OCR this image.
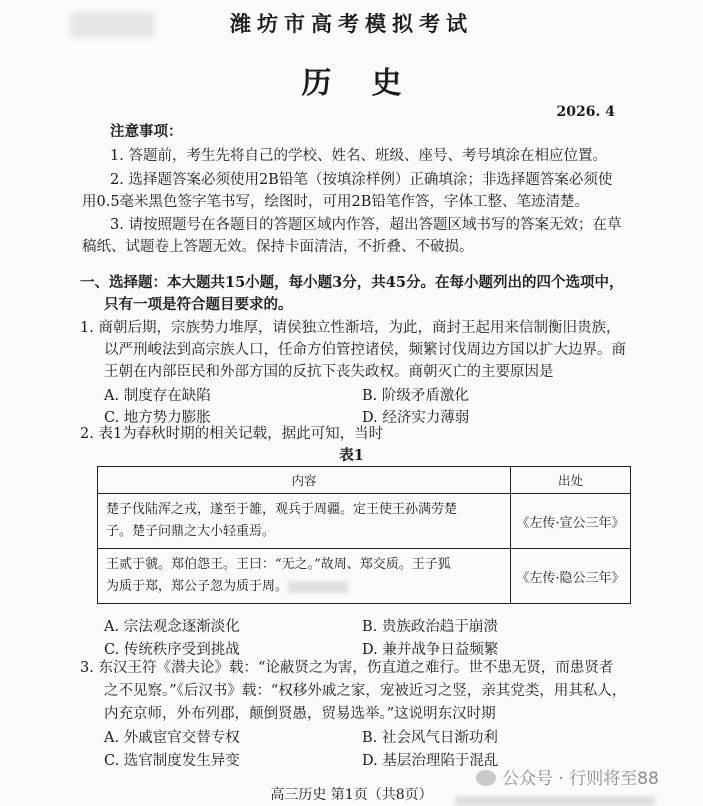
潍坊市高考模拟考试
历史
2026. 4
注意事项：
1. 答题前，考生先将自己的学校、姓名、班级、座号、考号填涂在相应位置。
2. 选择题答案必须使用2B铅笔（按填涂样例）正确填涂；非选择题答案必须使
用0.5毫米黑色签字笔书写，绘图时，可用2B铅笔作答，字体工整、笔迹清楚。
3. 请按照题号在各题目的答题区域内作答，超出答题区域书写的答案无效；在草
稿纸、试题卷上答题无效。保持卡面清洁，不折叠、不破损。
一、选择题：本大题共15小题，每小题3分，共45分。在每小题列出的四个选项中，
只有一项是符合题目要求的。
1. 商朝后期，宗族势力堆厚，请侯独立性渐培，为此，商封王起用来信制衡旧贵族，
以严刑峻法到高宗族人口，任命方伯管控诸侯，频繁讨伐周边方国以扩大边界。商
王朝在内部臣民和外部方国的反抗下丧失政权。商朝灭亡的主要原因是
A. 制度存在缺陷	B. 阶级矛盾激化
C. 地方势力膨胀	D. 经济实力薄弱
2. 表1为春秋时期的相关记载，据此可知，当时
表1
内容	出处

楚子伐陆浑之戎，遂至于雒，观兵于周疆。定王使王孙满劳楚
子。楚子问鼎之大小轻重焉。	《左传·宣公三年》

王贰于虢。郑伯怨王。王曰：“无之。”故周、郑交质。王子狐
为质于郑，郑公子忽为质于周。	《左传·隐公三年》
A. 宗法观念逐渐淡化	B. 贵族政治趋于崩溃
C. 传统秩序受到挑战	D. 兼并战争日益频繁
3. 东汉王符《潜夫论》载：“论蔽贤之为害，伤直道之难行。世不患无贤，而患贤者
之不见察。”《后汉书》载：“权移外戚之家，宠被近习之竖，亲其党类，用其私人，
内充京师，外布列郡，颠倒贤愚，贸易选举。”这说明东汉时期
A. 外戚宦官交替专权	B. 社会风气日渐功利
C. 选官制度发生异变	D. 基层治理陷于混乱
高三历史 第1页（共8页）
公众号 · 行则将至88
